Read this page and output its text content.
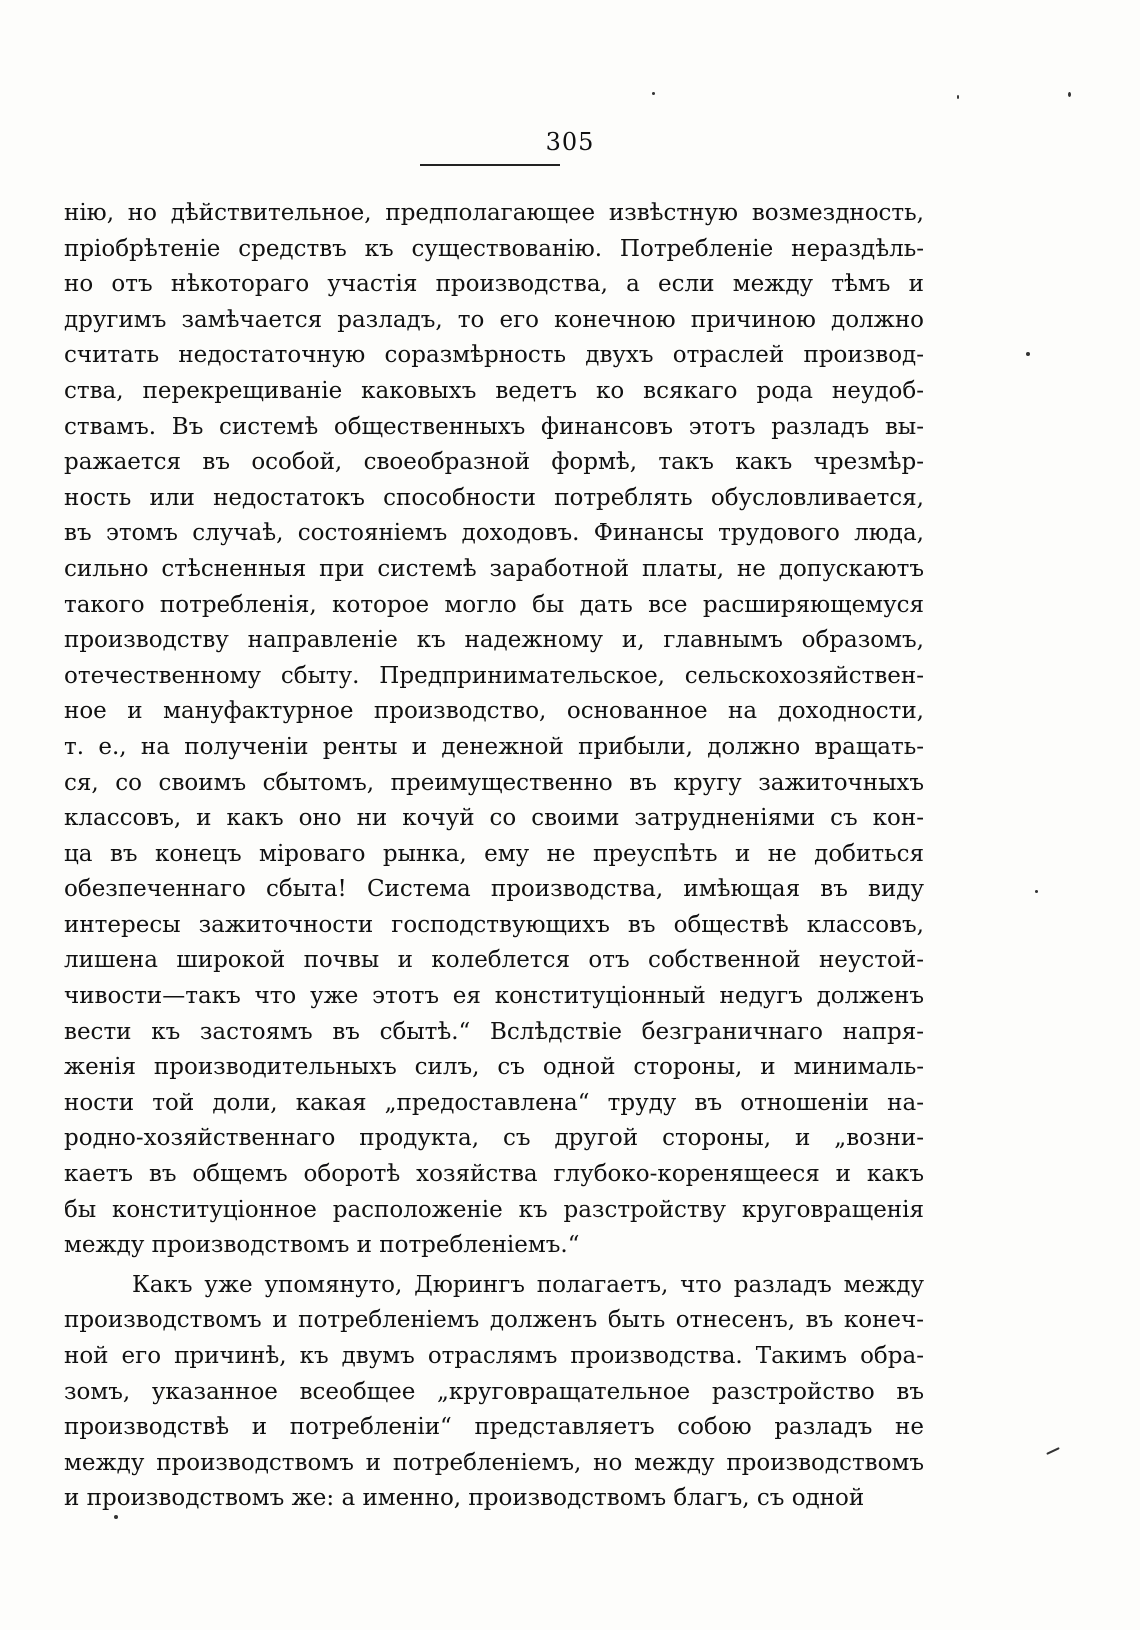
305
нію, но дѣйствительное, предполагающее извѣстную возмездность,
пріобрѣтеніе средствъ къ существованію. Потребленіе нераздѣль-
но отъ нѣкотораго участія производства, а если между тѣмъ и
другимъ замѣчается разладъ, то его конечною причиною должно
считать недостаточную соразмѣрность двухъ отраслей производ-
ства, перекрещиваніе каковыхъ ведетъ ко всякаго рода неудоб-
ствамъ. Въ системѣ общественныхъ финансовъ этотъ разладъ вы-
ражается въ особой, своеобразной формѣ, такъ какъ чрезмѣр-
ность или недостатокъ способности потреблять обусловливается,
въ этомъ случаѣ, состояніемъ доходовъ. Финансы трудового люда,
сильно стѣсненныя при системѣ заработной платы, не допускаютъ
такого потребленія, которое могло бы дать все расширяющемуся
производству направленіе къ надежному и, главнымъ образомъ,
отечественному сбыту. Предпринимательское, сельскохозяйствен-
ное и мануфактурное производство, основанное на доходности,
т. е., на полученіи ренты и денежной прибыли, должно вращать-
ся, со своимъ сбытомъ, преимущественно въ кругу зажиточныхъ
классовъ, и какъ оно ни кочуй со своими затрудненіями съ кон-
ца въ конецъ міроваго рынка, ему не преуспѣть и не добиться
обезпеченнаго сбыта! Система производства, имѣющая въ виду
интересы зажиточности господствующихъ въ обществѣ классовъ,
лишена широкой почвы и колеблется отъ собственной неустой-
чивости—такъ что уже этотъ ея конституціонный недугъ долженъ
вести къ застоямъ въ сбытѣ.“ Вслѣдствіе безграничнаго напря-
женія производительныхъ силъ, съ одной стороны, и минималь-
ности той доли, какая „предоставлена“ труду въ отношеніи на-
родно-хозяйственнаго продукта, съ другой стороны, и „возни-
каетъ въ общемъ оборотѣ хозяйства глубоко-коренящееся и какъ
бы конституціонное расположеніе къ разстройству круговращенія
между производствомъ и потребленіемъ.“
Какъ уже упомянуто, Дюрингъ полагаетъ, что разладъ между
производствомъ и потребленіемъ долженъ быть отнесенъ, въ конеч-
ной его причинѣ, къ двумъ отраслямъ производства. Такимъ обра-
зомъ, указанное всеобщее „круговращательное разстройство въ
производствѣ и потребленіи“ представляетъ собою разладъ не
между производствомъ и потребленіемъ, но между производствомъ
и производствомъ же: а именно, производствомъ благъ, съ одной
